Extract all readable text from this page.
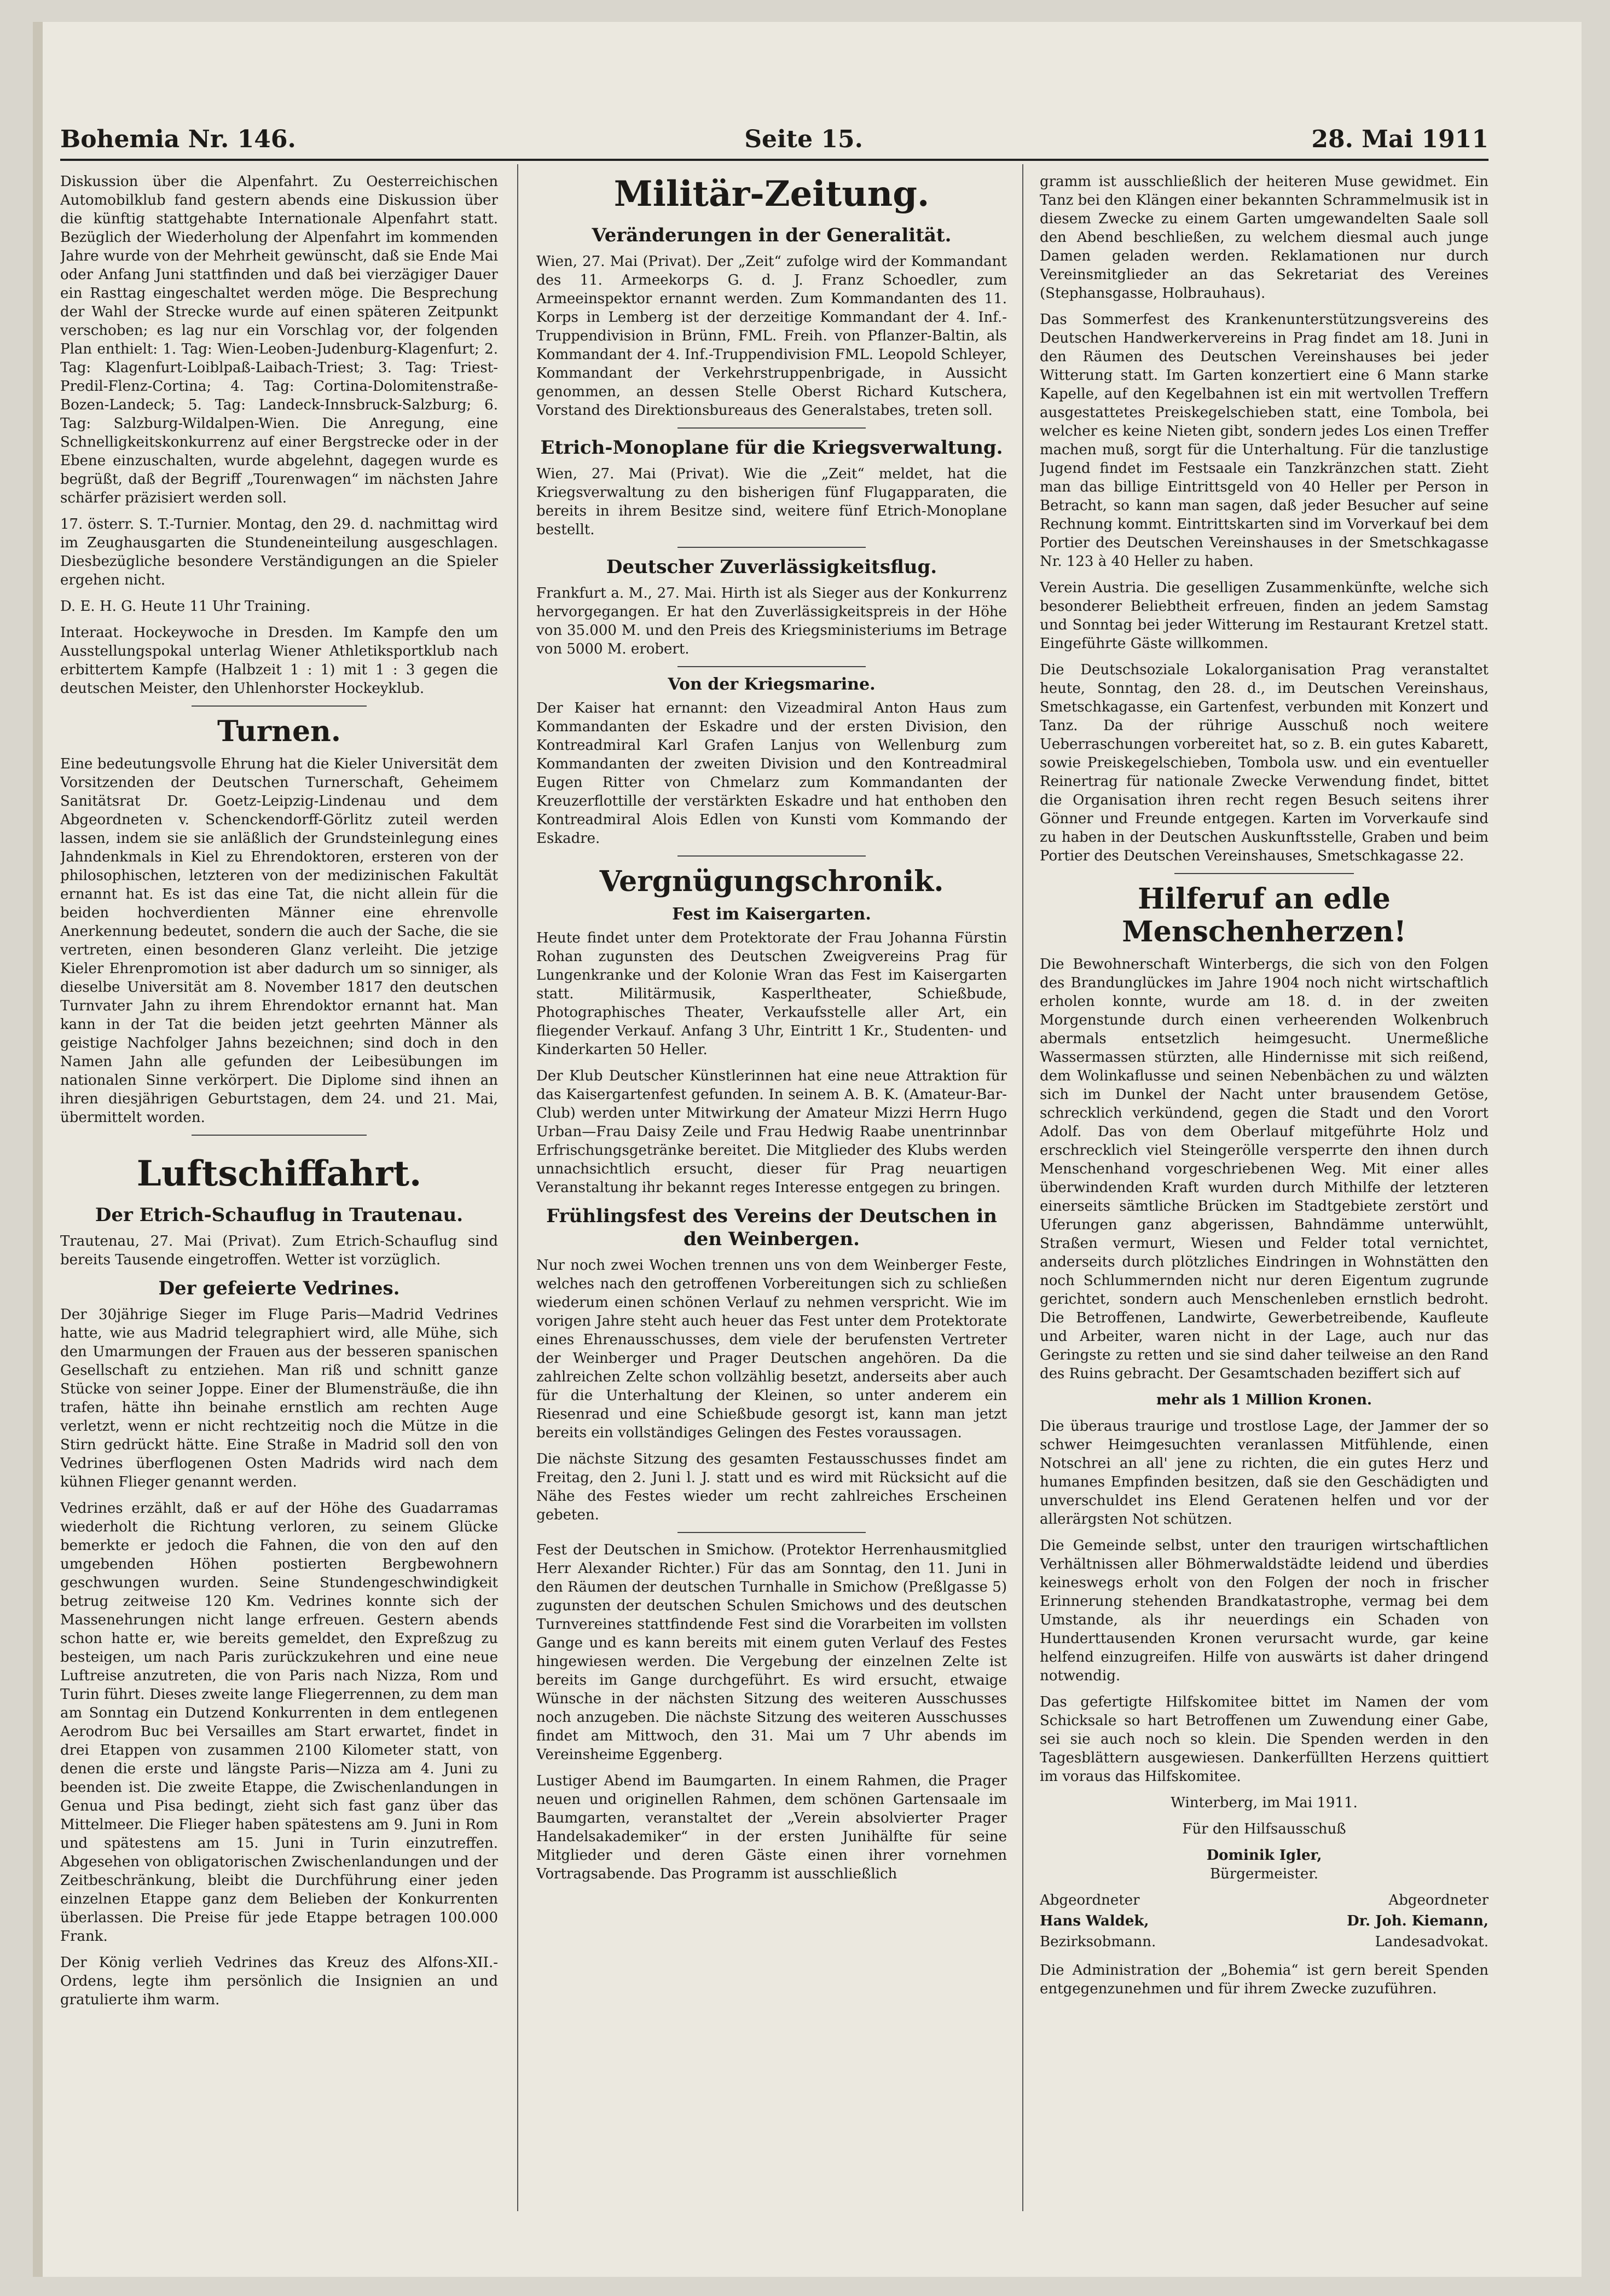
Bohemia Nr. 146.	Seite 15.	28. Mai 1911

Diskussion über die Alpenfahrt. Zu Oesterreichischen Automobilklub fand gestern abends eine Diskussion über die künftig stattgehabte Internationale Alpenfahrt statt. Bezüglich der Wiederholung der Alpenfahrt im kommenden Jahre wurde von der Mehrheit gewünscht, daß sie Ende Mai oder Anfang Juni stattfinden und daß bei vierzägiger Dauer ein Rasttag eingeschaltet werden möge. Die Besprechung der Wahl der Strecke wurde auf einen späteren Zeitpunkt verschoben; es lag nur ein Vorschlag vor, der folgenden Plan enthielt: 1. Tag: Wien-Leoben-Judenburg-Klagenfurt; 2. Tag: Klagenfurt-Loiblpaß-Laibach-Triest; 3. Tag: Triest-Predil-Flenz-Cortina; 4. Tag: Cortina-Dolomitenstraße-Bozen-Landeck; 5. Tag: Landeck-Innsbruck-Salzburg; 6. Tag: Salzburg-Wildalpen-Wien. Die Anregung, eine Schnelligkeitskonkurrenz auf einer Bergstrecke oder in der Ebene einzuschalten, wurde abgelehnt, dagegen wurde es begrüßt, daß der Begriff „Tourenwagen“ im nächsten Jahre schärfer präzisiert werden soll.

17. österr. S. T.-Turnier. Montag, den 29. d. nachmittag wird im Zeughausgarten die Stundeneinteilung ausgeschlagen. Diesbezügliche besondere Verständigungen an die Spieler ergehen nicht.

D. E. H. G. Heute 11 Uhr Training.

Interaat. Hockeywoche in Dresden. Im Kampfe den um Ausstellungspokal unterlag Wiener Athletiksportklub nach erbittertem Kampfe (Halbzeit 1 : 1) mit 1 : 3 gegen die deutschen Meister, den Uhlenhorster Hockeyklub.

Turnen.

Eine bedeutungsvolle Ehrung hat die Kieler Universität dem Vorsitzenden der Deutschen Turnerschaft, Geheimem Sanitätsrat Dr. Goetz-Leipzig-Lindenau und dem Abgeordneten v. Schenckendorff-Görlitz zuteil werden lassen, indem sie sie anläßlich der Grundsteinlegung eines Jahndenkmals in Kiel zu Ehrendoktoren, ersteren von der philosophischen, letzteren von der medizinischen Fakultät ernannt hat. Es ist das eine Tat, die nicht allein für die beiden hochverdienten Männer eine ehrenvolle Anerkennung bedeutet, sondern die auch der Sache, die sie vertreten, einen besonderen Glanz verleiht. Die jetzige Kieler Ehrenpromotion ist aber dadurch um so sinniger, als dieselbe Universität am 8. November 1817 den deutschen Turnvater Jahn zu ihrem Ehrendoktor ernannt hat. Man kann in der Tat die beiden jetzt geehrten Männer als geistige Nachfolger Jahns bezeichnen; sind doch in den Namen Jahn alle gefunden der Leibesübungen im nationalen Sinne verkörpert. Die Diplome sind ihnen an ihren diesjährigen Geburtstagen, dem 24. und 21. Mai, übermittelt worden.

Luftschiffahrt.
Der Etrich-Schauflug in Trautenau.

Trautenau, 27. Mai (Privat). Zum Etrich-Schauflug sind bereits Tausende eingetroffen. Wetter ist vorzüglich.

Der gefeierte Vedrines.

Der 30jährige Sieger im Fluge Paris—Madrid Vedrines hatte, wie aus Madrid telegraphiert wird, alle Mühe, sich den Umarmungen der Frauen aus der besseren spanischen Gesellschaft zu entziehen. Man riß und schnitt ganze Stücke von seiner Joppe. Einer der Blumensträuße, die ihn trafen, hätte ihn beinahe ernstlich am rechten Auge verletzt, wenn er nicht rechtzeitig noch die Mütze in die Stirn gedrückt hätte. Eine Straße in Madrid soll den von Vedrines überflogenen Osten Madrids wird nach dem kühnen Flieger genannt werden.

Vedrines erzählt, daß er auf der Höhe des Guadarramas wiederholt die Richtung verloren, zu seinem Glücke bemerkte er jedoch die Fahnen, die von den auf den umgebenden Höhen postierten Bergbewohnern geschwungen wurden. Seine Stundengeschwindigkeit betrug zeitweise 120 Km. Vedrines konnte sich der Massenehrungen nicht lange erfreuen. Gestern abends schon hatte er, wie bereits gemeldet, den Expreßzug zu besteigen, um nach Paris zurückzukehren und eine neue Luftreise anzutreten, die von Paris nach Nizza, Rom und Turin führt. Dieses zweite lange Fliegerrennen, zu dem man am Sonntag ein Dutzend Konkurrenten in dem entlegenen Aerodrom Buc bei Versailles am Start erwartet, findet in drei Etappen von zusammen 2100 Kilometer statt, von denen die erste und längste Paris—Nizza am 4. Juni zu beenden ist. Die zweite Etappe, die Zwischenlandungen in Genua und Pisa bedingt, zieht sich fast ganz über das Mittelmeer. Die Flieger haben spätestens am 9. Juni in Rom und spätestens am 15. Juni in Turin einzutreffen. Abgesehen von obligatorischen Zwischenlandungen und der Zeitbeschränkung, bleibt die Durchführung einer jeden einzelnen Etappe ganz dem Belieben der Konkurrenten überlassen. Die Preise für jede Etappe betragen 100.000 Frank.

Der König verlieh Vedrines das Kreuz des Alfons-XII.-Ordens, legte ihm persönlich die Insignien an und gratulierte ihm warm.

Militär-Zeitung.
Veränderungen in der Generalität.

Wien, 27. Mai (Privat). Der „Zeit“ zufolge wird der Kommandant des 11. Armeekorps G. d. J. Franz Schoedler, zum Armeeinspektor ernannt werden. Zum Kommandanten des 11. Korps in Lemberg ist der derzeitige Kommandant der 4. Inf.-Truppendivision in Brünn, FML. Freih. von Pflanzer-Baltin, als Kommandant der 4. Inf.-Truppendivision FML. Leopold Schleyer, Kommandant der Verkehrstruppenbrigade, in Aussicht genommen, an dessen Stelle Oberst Richard Kutschera, Vorstand des Direktionsbureaus des Generalstabes, treten soll.

Etrich-Monoplane für die Kriegsverwaltung.

Wien, 27. Mai (Privat). Wie die „Zeit“ meldet, hat die Kriegsverwaltung zu den bisherigen fünf Flugapparaten, die bereits in ihrem Besitze sind, weitere fünf Etrich-Monoplane bestellt.

Deutscher Zuverlässigkeitsflug.

Frankfurt a. M., 27. Mai. Hirth ist als Sieger aus der Konkurrenz hervorgegangen. Er hat den Zuverlässigkeitspreis in der Höhe von 35.000 M. und den Preis des Kriegsministeriums im Betrage von 5000 M. erobert.

Von der Kriegsmarine.

Der Kaiser hat ernannt: den Vizeadmiral Anton Haus zum Kommandanten der Eskadre und der ersten Division, den Kontreadmiral Karl Grafen Lanjus von Wellenburg zum Kommandanten der zweiten Division und den Kontreadmiral Eugen Ritter von Chmelarz zum Kommandanten der Kreuzerflottille der verstärkten Eskadre und hat enthoben den Kontreadmiral Alois Edlen von Kunsti vom Kommando der Eskadre.

Vergnügungschronik.
Fest im Kaisergarten.

Heute findet unter dem Protektorate der Frau Johanna Fürstin Rohan zugunsten des Deutschen Zweigvereins Prag für Lungenkranke und der Kolonie Wran das Fest im Kaisergarten statt. Militärmusik, Kasperltheater, Schießbude, Photographisches Theater, Verkaufsstelle aller Art, ein fliegender Verkauf. Anfang 3 Uhr, Eintritt 1 Kr., Studenten- und Kinderkarten 50 Heller.

Der Klub Deutscher Künstlerinnen hat eine neue Attraktion für das Kaisergartenfest gefunden. In seinem A. B. K. (Amateur-Bar-Club) werden unter Mitwirkung der Amateur Mizzi Herrn Hugo Urban—Frau Daisy Zeile und Frau Hedwig Raabe unentrinnbar Erfrischungsgetränke bereitet. Die Mitglieder des Klubs werden unnachsichtlich ersucht, dieser für Prag neuartigen Veranstaltung ihr bekannt reges Interesse entgegen zu bringen.

Frühlingsfest des Vereins der Deutschen in den Weinbergen.

Nur noch zwei Wochen trennen uns von dem Weinberger Feste, welches nach den getroffenen Vorbereitungen sich zu schließen wiederum einen schönen Verlauf zu nehmen verspricht. Wie im vorigen Jahre steht auch heuer das Fest unter dem Protektorate eines Ehrenausschusses, dem viele der berufensten Vertreter der Weinberger und Prager Deutschen angehören. Da die zahlreichen Zelte schon vollzählig besetzt, anderseits aber auch für die Unterhaltung der Kleinen, so unter anderem ein Riesenrad und eine Schießbude gesorgt ist, kann man jetzt bereits ein vollständiges Gelingen des Festes voraussagen.

Die nächste Sitzung des gesamten Festausschusses findet am Freitag, den 2. Juni l. J. statt und es wird mit Rücksicht auf die Nähe des Festes wieder um recht zahlreiches Erscheinen gebeten.

Fest der Deutschen in Smichow. (Protektor Herrenhausmitglied Herr Alexander Richter.) Für das am Sonntag, den 11. Juni in den Räumen der deutschen Turnhalle in Smichow (Preßlgasse 5) zugunsten der deutschen Schulen Smichows und des deutschen Turnvereines stattfindende Fest sind die Vorarbeiten im vollsten Gange und es kann bereits mit einem guten Verlauf des Festes hingewiesen werden. Die Vergebung der einzelnen Zelte ist bereits im Gange durchgeführt. Es wird ersucht, etwaige Wünsche in der nächsten Sitzung des weiteren Ausschusses noch anzugeben. Die nächste Sitzung des weiteren Ausschusses findet am Mittwoch, den 31. Mai um 7 Uhr abends im Vereinsheime Eggenberg.

Lustiger Abend im Baumgarten. In einem Rahmen, die Prager neuen und originellen Rahmen, dem schönen Gartensaale im Baumgarten, veranstaltet der „Verein absolvierter Prager Handelsakademiker“ in der ersten Junihälfte für seine Mitglieder und deren Gäste einen ihrer vornehmen Vortragsabende. Das Programm ist ausschließlich

gramm ist ausschließlich der heiteren Muse gewidmet. Ein Tanz bei den Klängen einer bekannten Schrammelmusik ist in diesem Zwecke zu einem Garten umgewandelten Saale soll den Abend beschließen, zu welchem diesmal auch junge Damen geladen werden. Reklamationen nur durch Vereinsmitglieder an das Sekretariat des Vereines (Stephansgasse, Holbrauhaus).

Das Sommerfest des Krankenunterstützungsvereins des Deutschen Handwerkervereins in Prag findet am 18. Juni in den Räumen des Deutschen Vereinshauses bei jeder Witterung statt. Im Garten konzertiert eine 6 Mann starke Kapelle, auf den Kegelbahnen ist ein mit wertvollen Treffern ausgestattetes Preiskegelschieben statt, eine Tombola, bei welcher es keine Nieten gibt, sondern jedes Los einen Treffer machen muß, sorgt für die Unterhaltung. Für die tanzlustige Jugend findet im Festsaale ein Tanzkränzchen statt. Zieht man das billige Eintrittsgeld von 40 Heller per Person in Betracht, so kann man sagen, daß jeder Besucher auf seine Rechnung kommt. Eintrittskarten sind im Vorverkauf bei dem Portier des Deutschen Vereinshauses in der Smetschkagasse Nr. 123 à 40 Heller zu haben.

Verein Austria. Die geselligen Zusammenkünfte, welche sich besonderer Beliebtheit erfreuen, finden an jedem Samstag und Sonntag bei jeder Witterung im Restaurant Kretzel statt. Eingeführte Gäste willkommen.

Die Deutschsoziale Lokalorganisation Prag veranstaltet heute, Sonntag, den 28. d., im Deutschen Vereinshaus, Smetschkagasse, ein Gartenfest, verbunden mit Konzert und Tanz. Da der rührige Ausschuß noch weitere Ueberraschungen vorbereitet hat, so z. B. ein gutes Kabarett, sowie Preiskegelschieben, Tombola usw. und ein eventueller Reinertrag für nationale Zwecke Verwendung findet, bittet die Organisation ihren recht regen Besuch seitens ihrer Gönner und Freunde entgegen. Karten im Vorverkaufe sind zu haben in der Deutschen Auskunftsstelle, Graben und beim Portier des Deutschen Vereinshauses, Smetschkagasse 22.

Hilferuf an edle Menschenherzen!

Die Bewohnerschaft Winterbergs, die sich von den Folgen des Brandunglückes im Jahre 1904 noch nicht wirtschaftlich erholen konnte, wurde am 18. d. in der zweiten Morgenstunde durch einen verheerenden Wolkenbruch abermals entsetzlich heimgesucht. Unermeßliche Wassermassen stürzten, alle Hindernisse mit sich reißend, dem Wolinkaflusse und seinen Nebenbächen zu und wälzten sich im Dunkel der Nacht unter brausendem Getöse, schrecklich verkündend, gegen die Stadt und den Vorort Adolf. Das von dem Oberlauf mitgeführte Holz und erschrecklich viel Steingerölle versperrte den ihnen durch Menschenhand vorgeschriebenen Weg. Mit einer alles überwindenden Kraft wurden durch Mithilfe der letzteren einerseits sämtliche Brücken im Stadtgebiete zerstört und Uferungen ganz abgerissen, Bahndämme unterwühlt, Straßen vermurt, Wiesen und Felder total vernichtet, anderseits durch plötzliches Eindringen in Wohnstätten den noch Schlummernden nicht nur deren Eigentum zugrunde gerichtet, sondern auch Menschenleben ernstlich bedroht. Die Betroffenen, Landwirte, Gewerbetreibende, Kaufleute und Arbeiter, waren nicht in der Lage, auch nur das Geringste zu retten und sie sind daher teilweise an den Rand des Ruins gebracht. Der Gesamtschaden beziffert sich auf

mehr als 1 Million Kronen.

Die überaus traurige und trostlose Lage, der Jammer der so schwer Heimgesuchten veranlassen Mitfühlende, einen Notschrei an all' jene zu richten, die ein gutes Herz und humanes Empfinden besitzen, daß sie den Geschädigten und unverschuldet ins Elend Geratenen helfen und vor der allerärgsten Not schützen.

Die Gemeinde selbst, unter den traurigen wirtschaftlichen Verhältnissen aller Böhmerwaldstädte leidend und überdies keineswegs erholt von den Folgen der noch in frischer Erinnerung stehenden Brandkatastrophe, vermag bei dem Umstande, als ihr neuerdings ein Schaden von Hunderttausenden Kronen verursacht wurde, gar keine helfend einzugreifen. Hilfe von auswärts ist daher dringend notwendig.

Das gefertigte Hilfskomitee bittet im Namen der vom Schicksale so hart Betroffenen um Zuwendung einer Gabe, sei sie auch noch so klein. Die Spenden werden in den Tagesblättern ausgewiesen. Dankerfüllten Herzens quittiert im voraus das Hilfskomitee.

Winterberg, im Mai 1911.

Für den Hilfsausschuß

Dominik Igler,

Bürgermeister.

Abgeordneter	Abgeordneter
Hans Waldek,	Dr. Joh. Kiemann,
Bezirksobmann.	Landesadvokat.

Die Administration der „Bohemia“ ist gern bereit Spenden entgegenzunehmen und für ihrem Zwecke zuzuführen.
